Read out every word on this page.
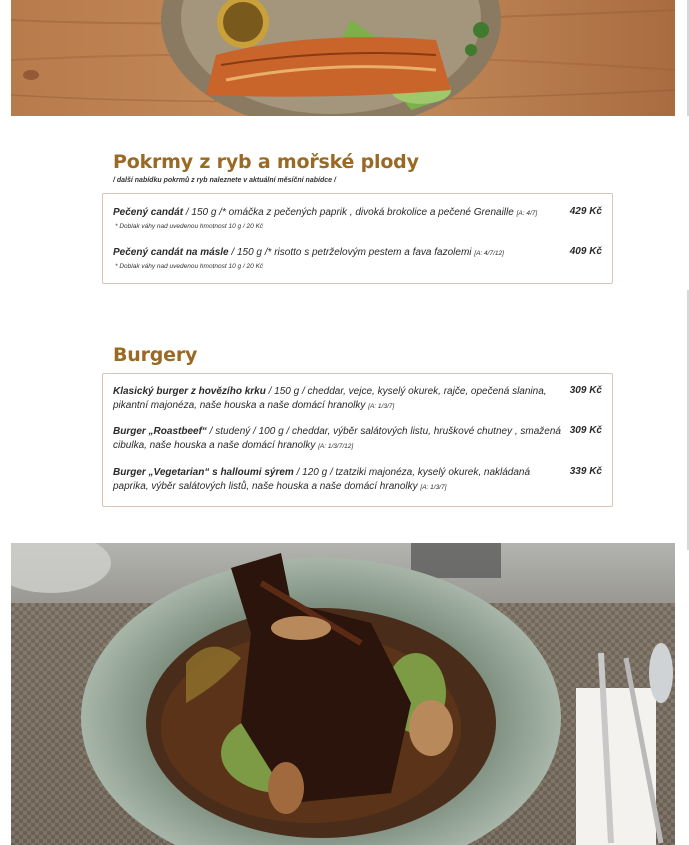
Pokrmy z ryb a mořské plody
/ další nabídku pokrmů z ryb naleznete v aktuální měsíční nabídce /
Pečený candát / 150 g /* omáčka z pečených paprik , divoká brokolice a pečené Grenaille [A: 4/7]	429 Kč
* Doblak váhy nad uvedenou hmotnost 10 g / 20 Kč
Pečený candát na másle / 150 g /* risotto s petrželovým pestem a fava fazolemi [A: 4/7/12]	409 Kč
* Doblak váhy nad uvedenou hmotnost 10 g / 20 Kč
Burgery
Klasický burger z hovězího krku / 150 g / cheddar, vejce, kyselý okurek, rajče, opečená slanina, pikantní majonéza, naše houska a naše domácí hranolky [A: 1/3/7]
309 Kč
Burger „Roastbeef“ / studený / 100 g / cheddar, výběr salátových listu, hruškové chutney , smažená cibulka, naše houska a naše domácí hranolky [A: 1/3/7/12]
309 Kč
Burger „Vegetarian“ s halloumi sýrem / 120 g / tzatziki majonéza, kyselý okurek, nakládaná paprika, výběr salátových listů, naše houska a naše domácí hranolky [A: 1/3/7]
339 Kč
